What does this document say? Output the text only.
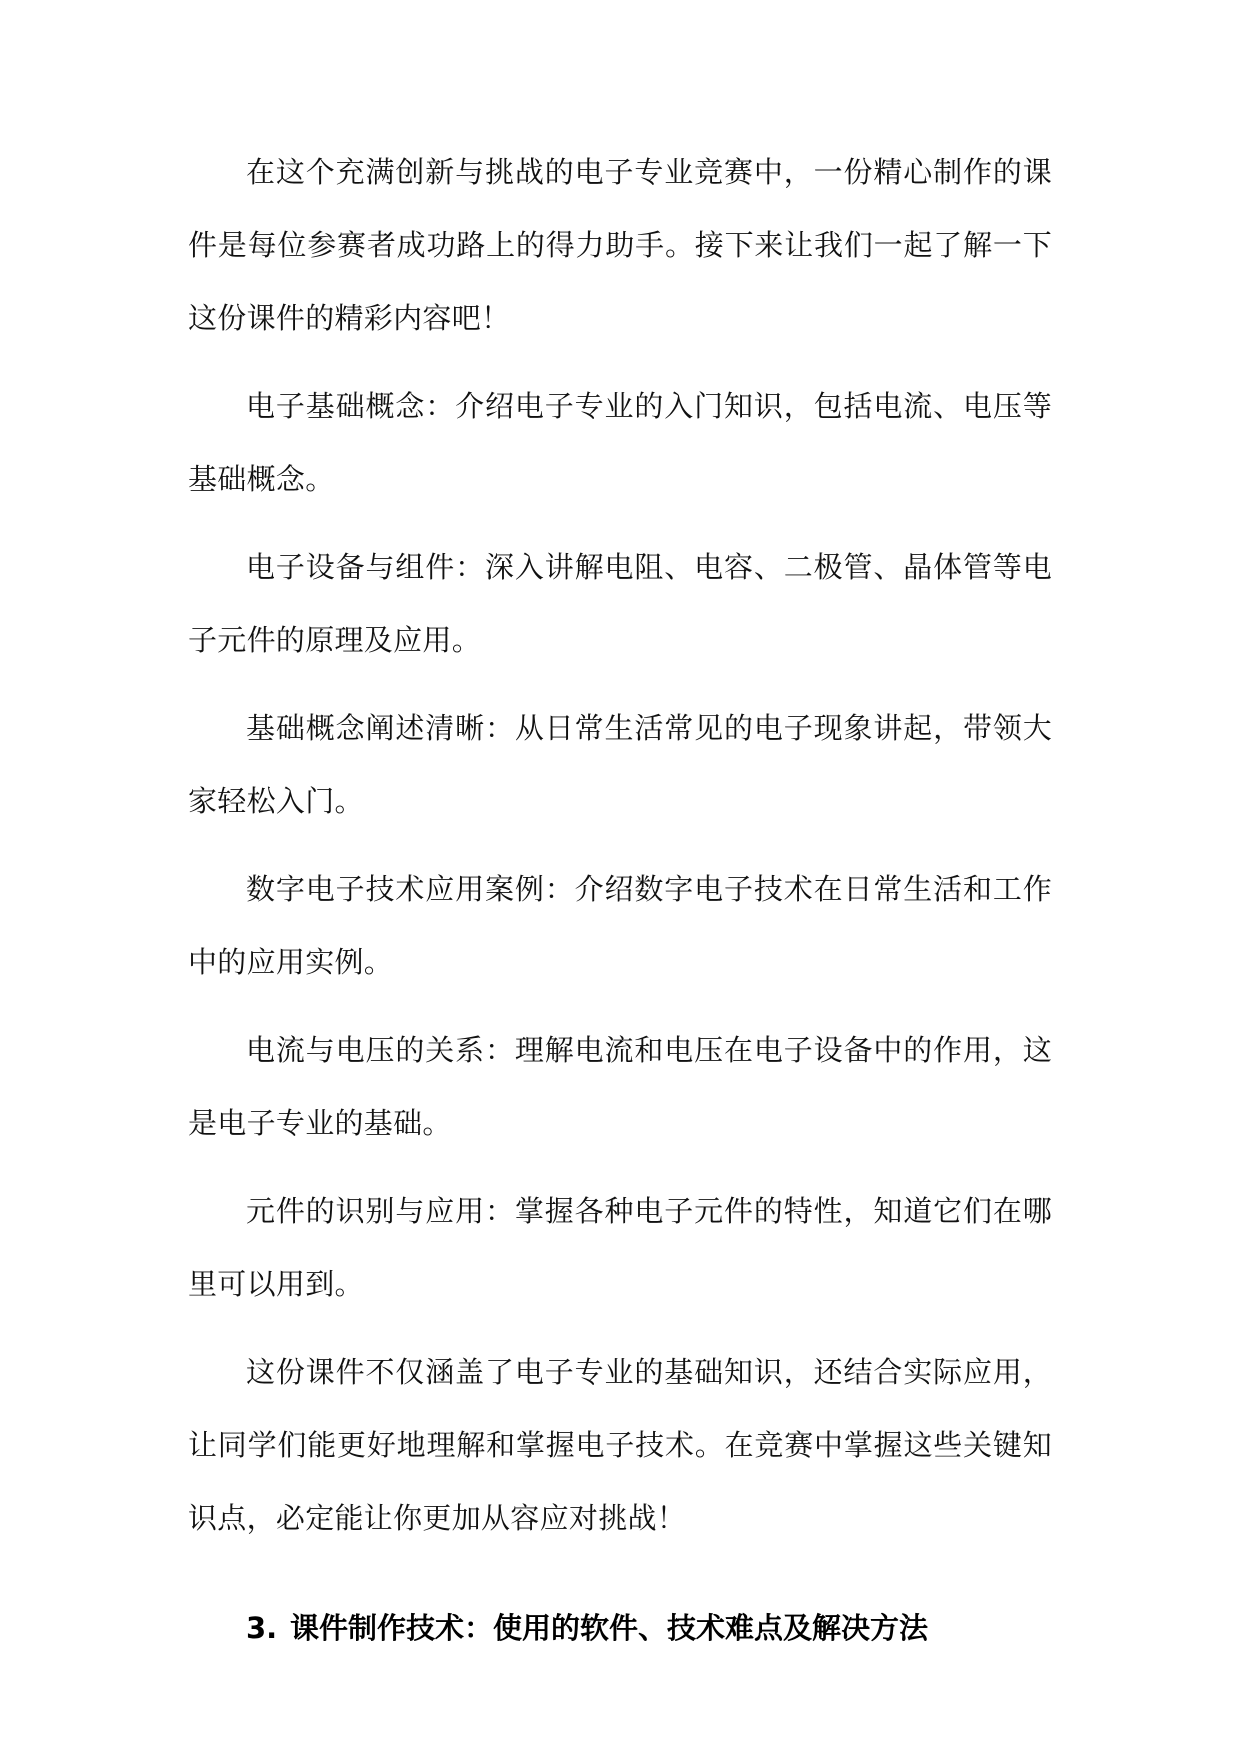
在这个充满创新与挑战的电子专业竞赛中，一份精心制作的课件是每位参赛者成功路上的得力助手。接下来让我们一起了解一下这份课件的精彩内容吧！

电子基础概念：介绍电子专业的入门知识，包括电流、电压等基础概念。

电子设备与组件：深入讲解电阻、电容、二极管、晶体管等电子元件的原理及应用。

基础概念阐述清晰：从日常生活常见的电子现象讲起，带领大家轻松入门。

数字电子技术应用案例：介绍数字电子技术在日常生活和工作中的应用实例。

电流与电压的关系：理解电流和电压在电子设备中的作用，这是电子专业的基础。

元件的识别与应用：掌握各种电子元件的特性，知道它们在哪里可以用到。

这份课件不仅涵盖了电子专业的基础知识，还结合实际应用，让同学们能更好地理解和掌握电子技术。在竞赛中掌握这些关键知识点，必定能让你更加从容应对挑战！

3. 课件制作技术：使用的软件、技术难点及解决方法
